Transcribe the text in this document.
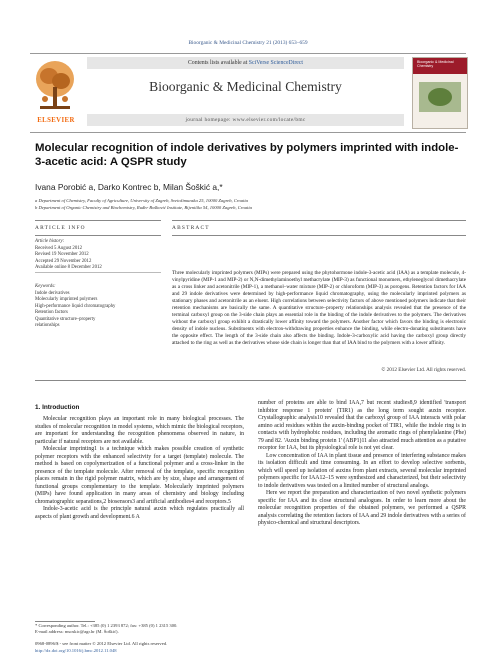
Bioorganic & Medicinal Chemistry 21 (2013) 653–659
ELSEVIER
Contents lists available at SciVerse ScienceDirect
Bioorganic & Medicinal Chemistry
journal homepage: www.elsevier.com/locate/bmc
Bioorganic & Medicinal Chemistry
Molecular recognition of indole derivatives by polymers imprinted with indole-3-acetic acid: A QSPR study
Ivana Porobić a, Darko Kontrec b, Milan Šoškić a,*
a Department of Chemistry, Faculty of Agriculture, University of Zagreb, Svetošimunska 25, 10000 Zagreb, Croatia
b Department of Organic Chemistry and Biochemistry, Ruđer Bošković Institute, Bijenička 54, 10000 Zagreb, Croatia
ARTICLE INFO	ABSTRACT
Article history:
Received 5 August 2012
Revised 19 November 2012
Accepted 29 November 2012
Available online 8 December 2012
Keywords:
Indole derivatives
Molecularly imprinted polymers
High-performance liquid chromatography
Retention factors
Quantitative structure–property
relationships
Three molecularly imprinted polymers (MIPs) were prepared using the phytohormone indole-3-acetic acid (IAA) as a template molecule, 4-vinylpyridine (MIP-1 and MIP-2) or N,N-dimethylaminoethyl methacrylate (MIP-3) as functional monomers, ethyleneglycol dimethacrylate as a cross linker and acetonitrile (MIP-1), a methanol–water mixture (MIP-2) or chloroform (MIP-3) as porogens. Retention factors for IAA and 29 indole derivatives were determined by high-performance liquid chromatography, using the molecularly imprinted polymers as stationary phases and acetonitrile as an eluent. High correlations between selectivity factors of above mentioned polymers indicate that their retention mechanisms are basically the same. A quantitative structure–property relationships analysis revealed that the presence of the terminal carboxyl group on the 3-side chain plays an essential role in the binding of the indole derivatives to the polymers. The derivatives without the carboxyl group exhibit a drastically lower affinity toward the polymers. Another factor which favors the binding is electronic density of indole nucleus. Substituents with electron-withdrawing properties enhance the binding, while electro-donating substituents have the opposite effect. The length of the 3-side chain also affects the binding. Indole-3-carboxylic acid having the carboxyl group directly attached to the ring as well as the derivatives whose side chain is longer than that of IAA bind to the polymers with a lower affinity.
© 2012 Elsevier Ltd. All rights reserved.
1. Introduction

Molecular recognition plays an important role in many biological processes. The studies of molecular recognition in model systems, which mimic the biological receptors, are important for understanding the recognition phenomena observed in nature, in particular if natural receptors are not available.

Molecular imprinting1 is a technique which makes possible creation of synthetic polymer receptors with the enhanced selectivity for a target (template) molecule. The method is based on copolymerization of a functional polymer and a cross-linker in the presence of the template molecule. After removal of the template, specific recognition places remain in the rigid polymer matrix, which are by size, shape and arrangement of functional groups complementary to the template. Molecularly imprinted polymers (MIPs) have found application in many areas of chemistry and biology including chromatographic separations,2 biosensors3 and artificial antibodies4 and receptors.5

Indole-3-acetic acid is the principle natural auxin which regulates practically all aspects of plant growth and development.6 A

number of proteins are able to bind IAA,7 but recent studies8,9 identified 'transport inhibitor response 1 protein' (TIR1) as the long term sought auxin receptor. Crystallographic analysis10 revealed that the carboxyl group of IAA interacts with polar amino acid residues within the auxin-binding pocket of TIR1, while the indole ring is in contacts with hydrophobic residues, including the aromatic rings of phenylalanine (Phe) 79 and 82. 'Auxin binding protein 1' (ABP1)11 also attracted much attention as a putative receptor for IAA, but its physiological role is not yet clear.

Low concentration of IAA in plant tissue and presence of interfering substance makes its isolation difficult and time consuming. In an effort to develop selective sorbents, which will speed up isolation of auxins from plant extracts, several molecular imprinted polymers specific for IAA12–15 were synthesized and characterized, but their selectivity to indole derivatives was tested on a limited number of structural analogs.

Here we report the preparation and characterization of two novel synthetic polymers specific for IAA and its close structural analogues. In order to learn more about the molecular recognition properties of the obtained polymers, we performed a QSPR analysis correlating the retention factors of IAA and 29 indole derivatives with a series of physico-chemical and structural descriptors.

* Corresponding author. Tel.: +385 (0) 1 2393 872; fax: +385 (0) 1 2315 300.
E-mail address: msoskic@agr.hr (M. Šoškić).
0968-0896/$ - see front matter © 2012 Elsevier Ltd. All rights reserved.
http://dx.doi.org/10.1016/j.bmc.2012.11.048
